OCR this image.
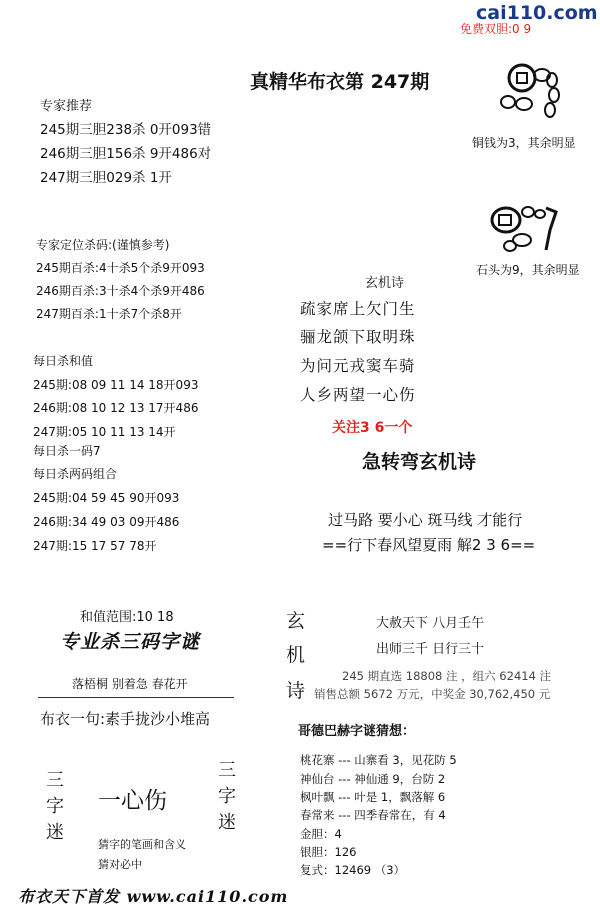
cai110.com
免费双胆:0 9
真精华布衣第 247期
专家推荐
245期三胆238杀 0开093错
246期三胆156杀 9开486对
247期三胆029杀 1开
专家定位杀码:(谨慎参考)
245期百杀:4十杀5个杀9开093
246期百杀:3十杀4个杀9开486
247期百杀:1十杀7个杀8开
每日杀和值
245期:08 09 11 14 18开093
246期:08 10 12 13 17开486
247期:05 10 11 13 14开
每日杀一码7
每日杀两码组合
245期:04 59 45 90开093
246期:34 49 03 09开486
247期:15 17 57 78开
铜钱为3，其余明显
石头为9，其余明显
玄机诗
疏家席上欠门生
骊龙颌下取明珠
为问元戎窦车骑
人乡两望一心伤
关注3 6一个
急转弯玄机诗
过马路 要小心 斑马线 才能行
==行下春风望夏雨 解2 3 6==
和值范围:10 18
专业杀三码字谜
落梧桐 别着急 春花开
布衣一句:素手拢沙小堆高
三字迷 一心伤	三字迷
猜字的笔画和含义
猜对必中
玄
机
诗
大赦天下 八月壬午
出师三千 日行三十
245 期直选 18808 注 ，组六 62414 注
销售总额 5672 万元，中奖金 30,762,450 元
哥德巴赫字谜猜想：
桃花寨 --- 山寨看 3，见花防 5
神仙台 --- 神仙通 9，台防 2
枫叶飘 --- 叶是 1，飘落解 6
春常来 --- 四季春常在，有 4
金胆：4
银胆：126
复式：12469 （3）
布衣天下首发 www.cai110.com
